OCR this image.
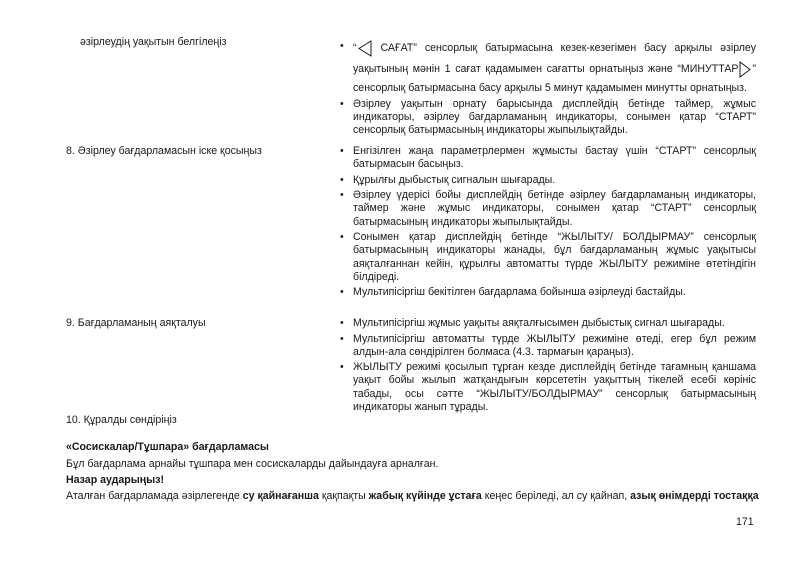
әзірлеудің уақытын белгілеңіз	• “ САҒАТ” сенсорлық батырмасына кезек-кезегімен басу арқылы әзірлеу уақытының мәнін 1 сағат қадамымен сағатты орнатыңыз және “МИНУТТАР ” сенсорлық батырмасына басу арқылы 5 минут қадамымен минутты орнатыңыз.
• Әзірлеу уақытын орнату барысында дисплейдің бетінде таймер, жұмыс индикаторы, әзірлеу бағдарламаның индикаторы, сонымен қатар “СТАРТ” сенсорлық батырмасының индикаторы жыпылықтайды.
8. Әзірлеу бағдарламасын іске қосыңыз	• Енгізілген жаңа параметрлермен жұмысты бастау үшін “СТАРТ” сенсорлық батырмасын басыңыз.
• Құрылғы дыбыстық сигналын шығарады.
• Әзірлеу үдерісі бойы дисплейдің бетінде әзірлеу бағдарламаның индикаторы, таймер және жұмыс индикаторы, сонымен қатар “СТАРТ” сенсорлық батырмасының индикаторы жыпылықтайды.
• Сонымен қатар дисплейдің бетінде “ЖЫЛЫТУ/ БОЛДЫРМАУ” сенсорлық батырмасының индикаторы жанады, бұл бағдарламаның жұмыс уақытысы аяқталғаннан кейін, құрылғы автоматты түрде ЖЫЛЫТУ режиміне өтетіндігін білдіреді.
• Мультипісіргіш бекітілген бағдарлама бойынша әзірлеуді бастайды.
9. Бағдарламаның аяқталуы	• Мультипісіргіш жұмыс уақыты аяқталғысымен дыбыстық сигнал шығарады.
• Мультипісіргіш автоматты түрде ЖЫЛЫТУ режиміне өтеді, егер бұл режим алдын-ала сөндірілген болмаса (4.3. тармағын қараңыз).
• ЖЫЛЫТУ режимі қосылып тұрған кезде дисплейдің бетінде тағамның қаншама уақыт бойы жылып жатқандығын көрсететін уақыттың тікелей есебі көрініс табады, осы сәтте “ЖЫЛЫТУ/БОЛДЫРМАУ” сенсорлық батырмасының индикаторы жанып тұрады.
10. Құралды сөндіріңіз
«Сосискалар/Тұшпара» бағдарламасы
Бұл бағдарлама арнайы тұшпара мен сосискаларды дайындауға арналған.
Назар аударыңыз!
Аталған бағдарламада әзірлегенде су қайнағанша қақпақты жабық күйінде ұстаға кеңес беріледі, ал су қайнап, азық өнімдерді тостаққа
171
